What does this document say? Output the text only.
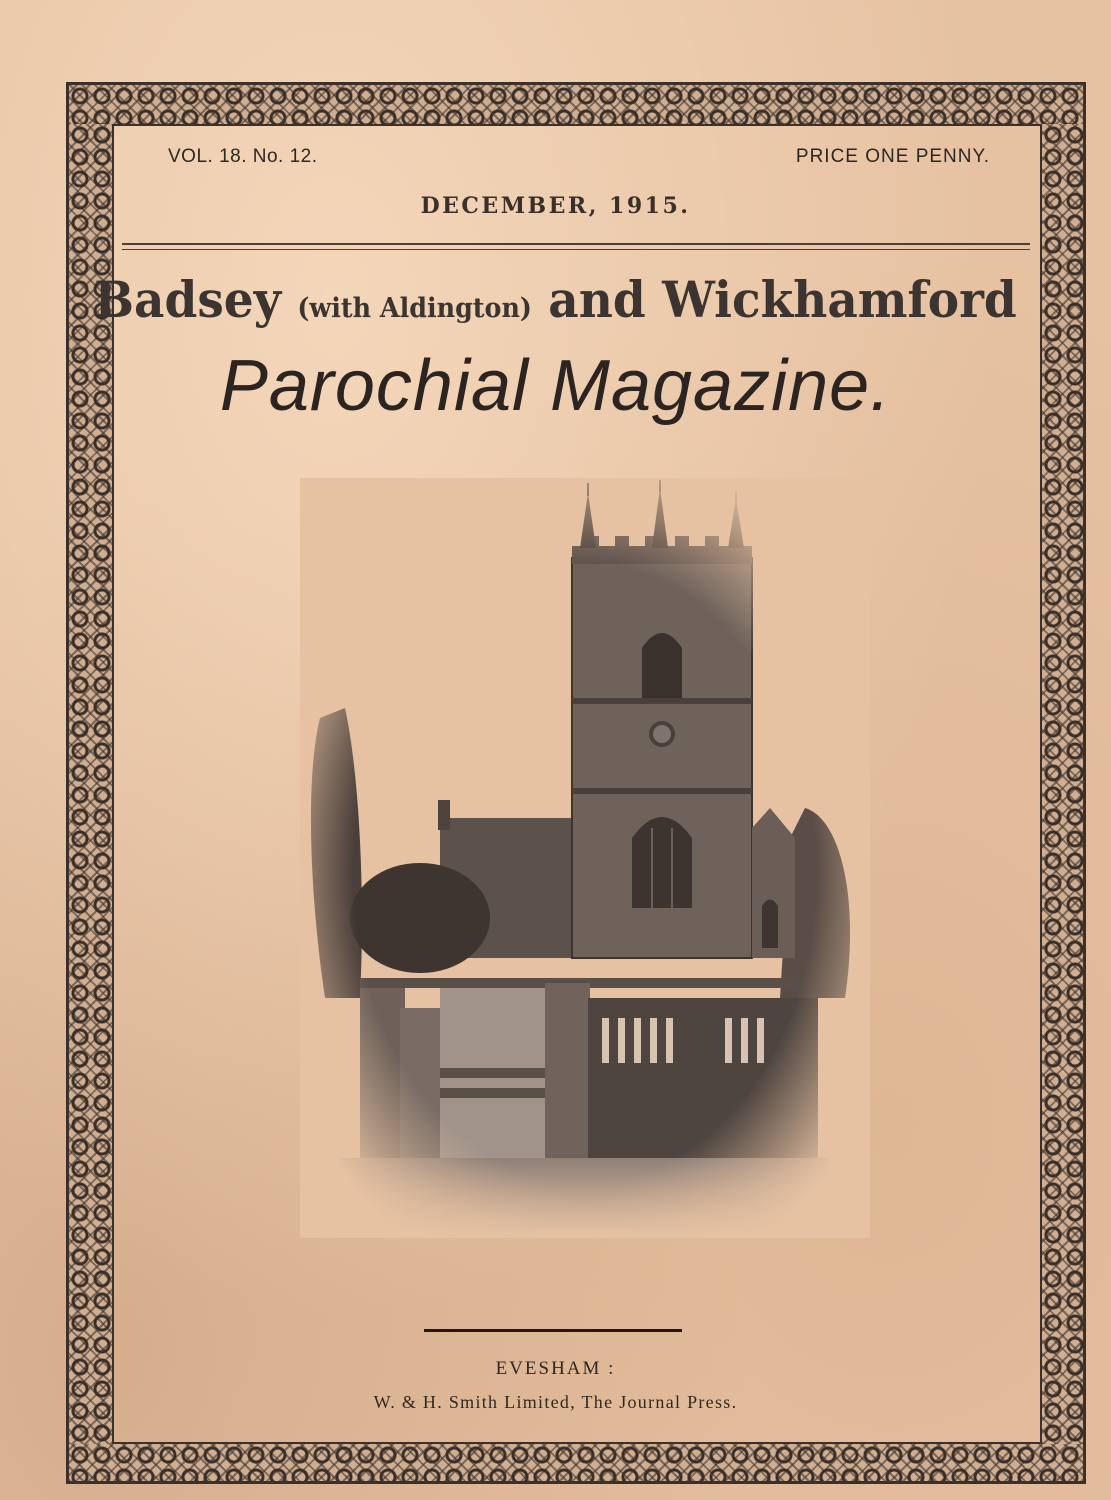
VOL. 18. No. 12.	PRICE ONE PENNY.
DECEMBER, 1915.
Badsey (with Aldington) and Wickhamford
Parochial Magazine.
EVESHAM :
W. & H. Smith Limited, The Journal Press.
